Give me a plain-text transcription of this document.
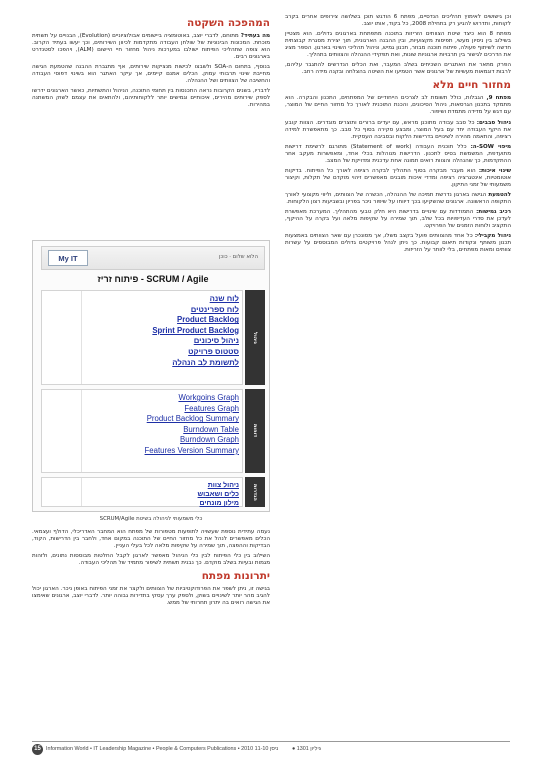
וכן גישושים לאימוץ תהליכים הנדסיים, מפתח 6 הודגש תוכן בשלושה צירופים אחרים בקרב לקוחות, ותדרוש להגיע רק בתחילת 2008, כל בקוד, אותו יוצב.

מפתח 8 הוא כיצד שיטת הצוותים הזריזות בתוכנה מתפתחת בארגונים גדולים. הוא מצטיין בשילוב בין ניסיון מעשי, תפיסות מקצועיות, ובין ההבנה הארגונית, תוך יצירת מסגרת קבוצתית חדשה לשיתוף פעולה, פיתוח תוכנה מבוזר, תכנון גמיש, וניהול תהליכי השינוי בארגון. הספר מציג את הדרכים לגישור בין תרבויות ארגוניות שונות, ואת תפקידי ההנהלה והצוותים בתהליך.

הפרק מתאר את האתגרים השכיחים בשלב המעבר, ואת הכלים הנדרשים להתגבר עליהם, לרבות דוגמאות מעשיות של ארגונים אשר הטמיעו את השיטה בהצלחה ובקנה מידה רחב.

מחזור חיים מלא

מפתח 9, הגבלות, כולל תשומת לב לצרכים הייחודיים של המפתחים, התכנון והבקרה. הוא מתמקד בתכנון הגרסאות, ניהול הסיכונים, והכנת התוכנית לאורך כל מחזור החיים של המוצר, עם דגש על מדידה מתמדת ושיפור.

ניהול סבבים: כל סבב עבודה מתוכנן מראש, עם יעדים ברורים ותוצרים מוגדרים. הצוות קובע את היקף העבודה יחד עם בעל המוצר, ומבצע סקירה בסוף כל סבב. כך מתאפשרת למידה רציפה, והתאמה מהירה לשינויים בדרישות הלקוח ובסביבה העסקית.

מיפוי SOW-ה: כלל תוכנית העבודה (Statement of work) מתורגם לרשימת דרישות מתועדפת, המשמשת בסיס לתכנון. הדרישות מנוהלות בכלי אחד, ומאפשרות מעקב אחר ההתקדמות, כך שהנהלה והצוות רואים תמונה אחת עדכנית ומדויקת של המצב.

שינוי איכות: הוא מעבר מבקרה בסוף התהליך לבקרה רציפה לאורך כל הפיתוח. בדיקות אוטומטיות, אינטגרציה רציפה ומדדי איכות מובנים מאפשרים זיהוי מוקדם של תקלות, וקיצור משמעותי של זמני התיקון.

להטמעת הגישה בארגון נדרשת תמיכה של ההנהלה, הכשרה של הצוותים, וליווי מקצועי לאורך התקופה הראשונה. ארגונים שהשקיעו בכך דיווחו על שיפור ניכר בפריון ובשביעות רצון הלקוחות.

רכיב גמישות: התמודדות עם שינויים בדרישות היא חלק טבעי מהתהליך. המערכת מאפשרת לעדכן את סדרי העדיפויות בכל שלב, תוך שמירה על שקיפות מלאה ועל בקרה על ההיקף, התקציב ולוחות הזמנים של הפרויקט.

ניהול מקבילי: כל אחד מהצוותים פועל בקצב משלו, אך מסונכרן עם שאר הצוותים באמצעות תכנון משותף ונקודות תיאום קבועות. כך ניתן לנהל פרויקטים גדולים המבוססים על עשרות צוותים ומאות מפתחים, בלי לוותר על הזריזות.

המהפכה השקטה

מה בעתיד? מתוחם, לדברי יוצב, באוטומציה ביישומים אבולוציוניים (Evolution), הבנויים על תשתית מוכחת. המכונות הבינוניות של שולחן העבודה מתקדמות לכיוון השירותים, וכך יעשו בעתיד הקרוב. הוא צופה שתהליכי הפיתוח ישולבו במערכות ניהול מחזור חיי היישום (ALM), ויהפכו לסטנדרט בארגונים רבים.

בנוסף, בתחום ה-SOA ולשבצו לכישות מנציקות שירותים, אף מתגברת ההבנה שהטמעת הגישה מחייבת שינוי תרבותי עמוק. הכלים אמנם קיימים, אך עיקר האתגר הוא בשינוי דפוסי העבודה והחשיבה של הצוותים ושל ההנהלה.

לדבריו, בשנים הקרובות נראה התכנסות בין תחומי התוכנה, הניהול והתשתיות, כאשר הארגונים ידרשו לספק שירותים מהירים, איכותיים וגמישים יותר ללקוחותיהם, ולהתאים את עצמם לשוק המשתנה במהירות.

My IT	הלוא שלום · כוכן
SCRUM / Agile - פיתוח זריז
ניהול
לוח שנה
לוח ספרינטים
Product Backlog
Sprint Product Backlog
ניהול סיכונים
סטטוס פרויקט
לתשומת לב הנהלה
דוחות
Workgoins Graph
Features Graph
Product Backlog Summary
Burndown Table
Burndown Graph
Features Version Summary
הגדרות
ניהול צוות
כלים ושאבוש
מילון מונחים
כלי משמעותי לניהולה בשיטת SCRUM/Agile

נעמה עתידית נוספת שעשויה לתופעות מטפורות של מפתח הוא המחבר האדריכלי, הדולף ועצמאי. הכלים מאפשרים לנהל את כל מחזור החיים של התוכנה במקום אחד, ולחבר בין הדרישות, הקוד, הבדיקות וההפצה, תוך שמירה על שקיפות מלאה לכל בעלי העניין.

השילוב בין כלי הפיתוח לבין כלי הניהול מאפשר לארגון לקבל החלטות מבוססות נתונים, ולזהות מגמות ובעיות בשלב מוקדם. כך נבנית תשתית לשיפור מתמיד של תהליכי העבודה.

יתרונות מפתח

בגישה זו, ניתן לשפר את הפרודוקטיביות של הצוותים ולקצר את זמני הפיתוח באופן ניכר. הארגון יכול להגיב מהר יותר לשינויים בשוק, ולספק ערך עסקי בתדירות גבוהה יותר. לדברי יוצב, ארגונים שאימצו את הגישה רואים בה יתרון תחרותי של ממש.

15 Information World • IT Leadership Magazine • People & Computers Publications • 2010 ניסן 11-10	גיליון 1301 ●
